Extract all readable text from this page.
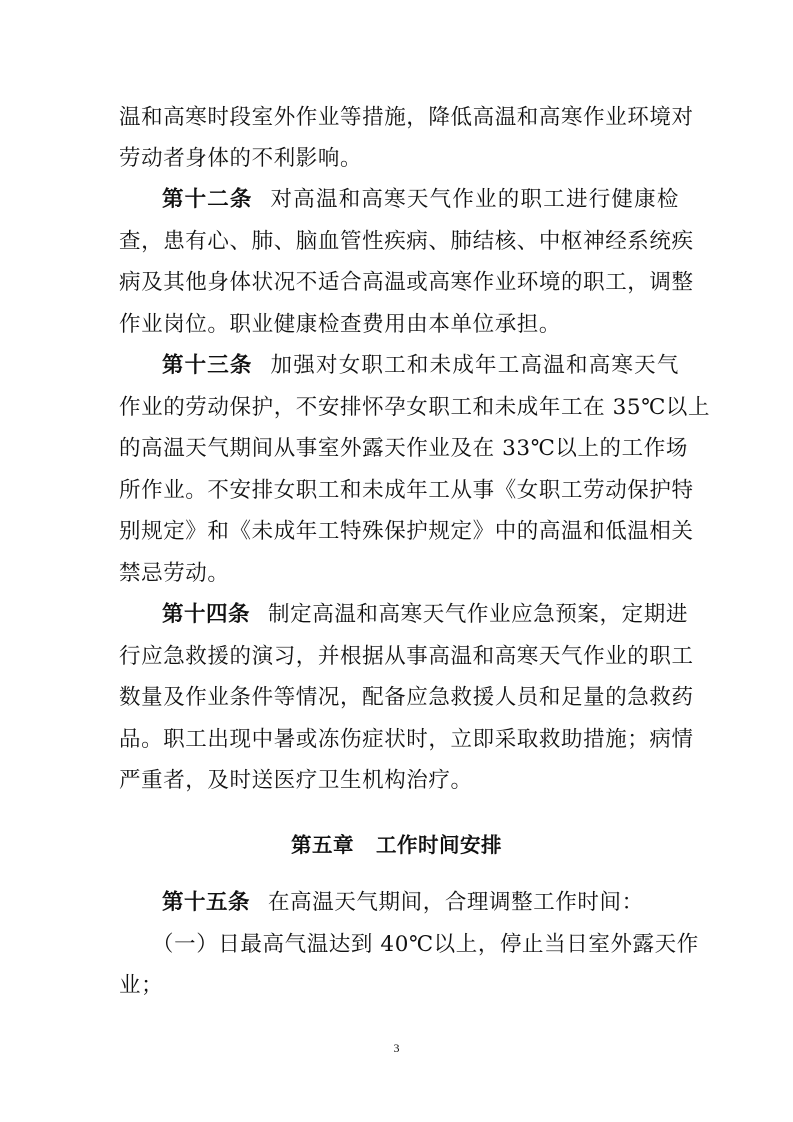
温和高寒时段室外作业等措施，降低高温和高寒作业环境对
劳动者身体的不利影响。
第十二条 对高温和高寒天气作业的职工进行健康检
查，患有心、肺、脑血管性疾病、肺结核、中枢神经系统疾
病及其他身体状况不适合高温或高寒作业环境的职工，调整
作业岗位。职业健康检查费用由本单位承担。
第十三条 加强对女职工和未成年工高温和高寒天气
作业的劳动保护，不安排怀孕女职工和未成年工在 35℃以上
的高温天气期间从事室外露天作业及在 33℃以上的工作场
所作业。不安排女职工和未成年工从事《女职工劳动保护特
别规定》和《未成年工特殊保护规定》中的高温和低温相关
禁忌劳动。
第十四条 制定高温和高寒天气作业应急预案，定期进
行应急救援的演习，并根据从事高温和高寒天气作业的职工
数量及作业条件等情况，配备应急救援人员和足量的急救药
品。职工出现中暑或冻伤症状时，立即采取救助措施；病情
严重者，及时送医疗卫生机构治疗。
第五章 工作时间安排
第十五条 在高温天气期间，合理调整工作时间：
（一）日最高气温达到 40℃以上，停止当日室外露天作
业；
3
